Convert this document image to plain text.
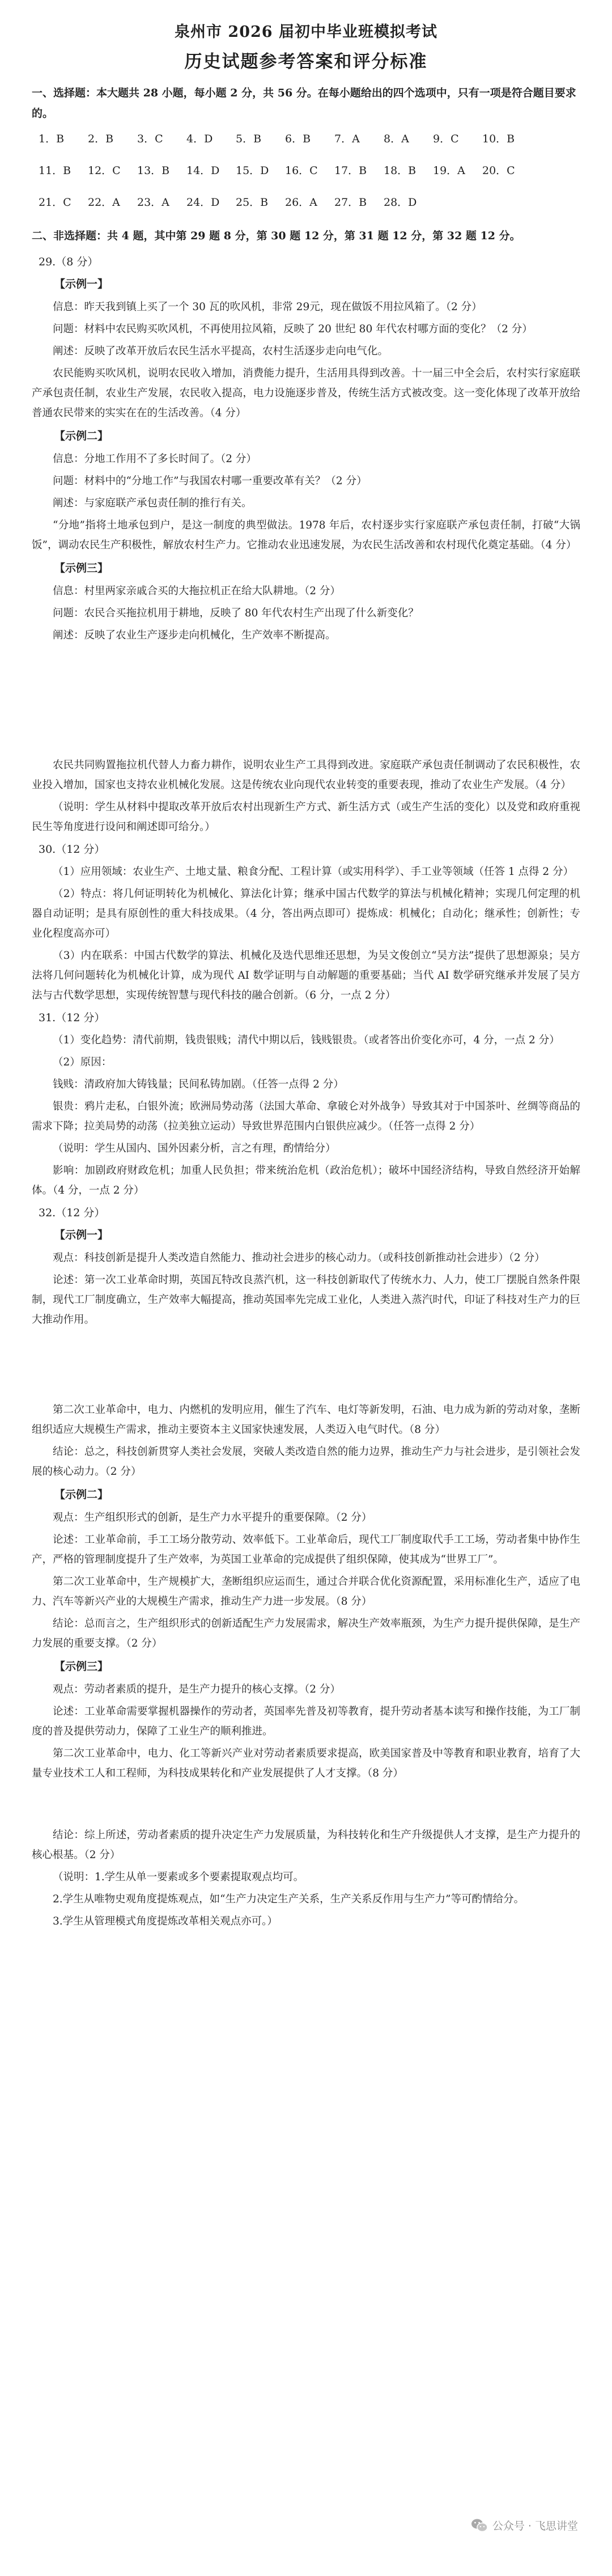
泉州市 2026 届初中毕业班模拟考试
历史试题参考答案和评分标准
一、选择题：本大题共 28 小题，每小题 2 分，共 56 分。在每小题给出的四个选项中，只有一项是符合题目要求的。
1．B	2．B	3．C	4．D	5．B	6．B	7．A	8．A	9．C	10．B
11．B	12．C	13．B	14．D	15．D	16．C	17．B	18．B	19．A	20．C
21．C	22．A	23．A	24．D	25．B	26．A	27．B	28．D
二、非选择题：共 4 题，其中第 29 题 8 分，第 30 题 12 分，第 31 题 12 分，第 32 题 12 分。
29.（8 分）
【示例一】

信息：昨天我到镇上买了一个 30 瓦的吹风机，非常 29元，现在做饭不用拉风箱了。（2 分）

问题：材料中农民购买吹风机，不再使用拉风箱，反映了 20 世纪 80 年代农村哪方面的变化？（2 分）

阐述：反映了改革开放后农民生活水平提高，农村生活逐步走向电气化。

农民能购买吹风机，说明农民收入增加，消费能力提升，生活用具得到改善。十一届三中全会后，农村实行家庭联产承包责任制，农业生产发展，农民收入提高，电力设施逐步普及，传统生活方式被改变。这一变化体现了改革开放给普通农民带来的实实在在的生活改善。（4 分）

【示例二】

信息：分地工作用不了多长时间了。（2 分）

问题：材料中的“分地工作”与我国农村哪一重要改革有关？（2 分）

阐述：与家庭联产承包责任制的推行有关。

“分地”指将土地承包到户，是这一制度的典型做法。1978 年后，农村逐步实行家庭联产承包责任制，打破“大锅饭”，调动农民生产积极性，解放农村生产力。它推动农业迅速发展，为农民生活改善和农村现代化奠定基础。（4 分）

【示例三】

信息：村里两家亲戚合买的大拖拉机正在给大队耕地。（2 分）

问题：农民合买拖拉机用于耕地，反映了 80 年代农村生产出现了什么新变化？

阐述：反映了农业生产逐步走向机械化，生产效率不断提高。

农民共同购置拖拉机代替人力畜力耕作，说明农业生产工具得到改进。家庭联产承包责任制调动了农民积极性，农业投入增加，国家也支持农业机械化发展。这是传统农业向现代农业转变的重要表现，推动了农业生产发展。（4 分）

（说明：学生从材料中提取改革开放后农村出现新生产方式、新生活方式（或生产生活的变化）以及党和政府重视民生等角度进行设问和阐述即可给分。）

30.（12 分）

（1）应用领域：农业生产、土地丈量、粮食分配、工程计算（或实用科学）、手工业等领域（任答 1 点得 2 分）

（2）特点：将几何证明转化为机械化、算法化计算；继承中国古代数学的算法与机械化精神；实现几何定理的机器自动证明；是具有原创性的重大科技成果。（4 分，答出两点即可）提炼成：机械化；自动化；继承性；创新性；专业化程度高亦可）

（3）内在联系：中国古代数学的算法、机械化及迭代思维还思想，为吴文俊创立“吴方法”提供了思想源泉；吴方法将几何问题转化为机械化计算，成为现代 AI 数学证明与自动解题的重要基础；当代 AI 数学研究继承并发展了吴方法与古代数学思想，实现传统智慧与现代科技的融合创新。（6 分，一点 2 分）

31.（12 分）

（1）变化趋势：清代前期，钱贵银贱；清代中期以后，钱贱银贵。（或者答出价变化亦可，4 分，一点 2 分）

（2）原因：

钱贱：清政府加大铸钱量；民间私铸加剧。（任答一点得 2 分）

银贵：鸦片走私，白银外流；欧洲局势动荡（法国大革命、拿破仑对外战争）导致其对于中国茶叶、丝绸等商品的需求下降；拉美局势的动荡（拉美独立运动）导致世界范围内白银供应减少。（任答一点得 2 分）

（说明：学生从国内、国外因素分析，言之有理，酌情给分）

影响：加剧政府财政危机；加重人民负担；带来统治危机（政治危机）；破坏中国经济结构，导致自然经济开始解体。（4 分，一点 2 分）

32.（12 分）
【示例一】

观点：科技创新是提升人类改造自然能力、推动社会进步的核心动力。（或科技创新推动社会进步）（2 分）

论述：第一次工业革命时期，英国瓦特改良蒸汽机，这一科技创新取代了传统水力、人力，使工厂摆脱自然条件限制，现代工厂制度确立，生产效率大幅提高，推动英国率先完成工业化，人类进入蒸汽时代，印证了科技对生产力的巨大推动作用。

第二次工业革命中，电力、内燃机的发明应用，催生了汽车、电灯等新发明，石油、电力成为新的劳动对象，垄断组织适应大规模生产需求，推动主要资本主义国家快速发展，人类迈入电气时代。（8 分）

结论：总之，科技创新贯穿人类社会发展，突破人类改造自然的能力边界，推动生产力与社会进步，是引领社会发展的核心动力。（2 分）

【示例二】

观点：生产组织形式的创新，是生产力水平提升的重要保障。（2 分）

论述：工业革命前，手工工场分散劳动、效率低下。工业革命后，现代工厂制度取代手工工场，劳动者集中协作生产，严格的管理制度提升了生产效率，为英国工业革命的完成提供了组织保障，使其成为“世界工厂”。

第二次工业革命中，生产规模扩大，垄断组织应运而生，通过合并联合优化资源配置，采用标准化生产，适应了电力、汽车等新兴产业的大规模生产需求，推动生产力进一步发展。（8 分）

结论：总而言之，生产组织形式的创新适配生产力发展需求，解决生产效率瓶颈，为生产力提升提供保障，是生产力发展的重要支撑。（2 分）

【示例三】

观点：劳动者素质的提升，是生产力提升的核心支撑。（2 分）

论述：工业革命需要掌握机器操作的劳动者，英国率先普及初等教育，提升劳动者基本读写和操作技能，为工厂制度的普及提供劳动力，保障了工业生产的顺利推进。

第二次工业革命中，电力、化工等新兴产业对劳动者素质要求提高，欧美国家普及中等教育和职业教育，培育了大量专业技术工人和工程师，为科技成果转化和产业发展提供了人才支撑。（8 分）

结论：综上所述，劳动者素质的提升决定生产力发展质量，为科技转化和生产升级提供人才支撑，是生产力提升的核心根基。（2 分）

（说明：1.学生从单一要素或多个要素提取观点均可。

2.学生从唯物史观角度提炼观点，如“生产力决定生产关系，生产关系反作用与生产力”等可酌情给分。

3.学生从管理模式角度提炼改革相关观点亦可。）

公众号 · 飞思讲堂
